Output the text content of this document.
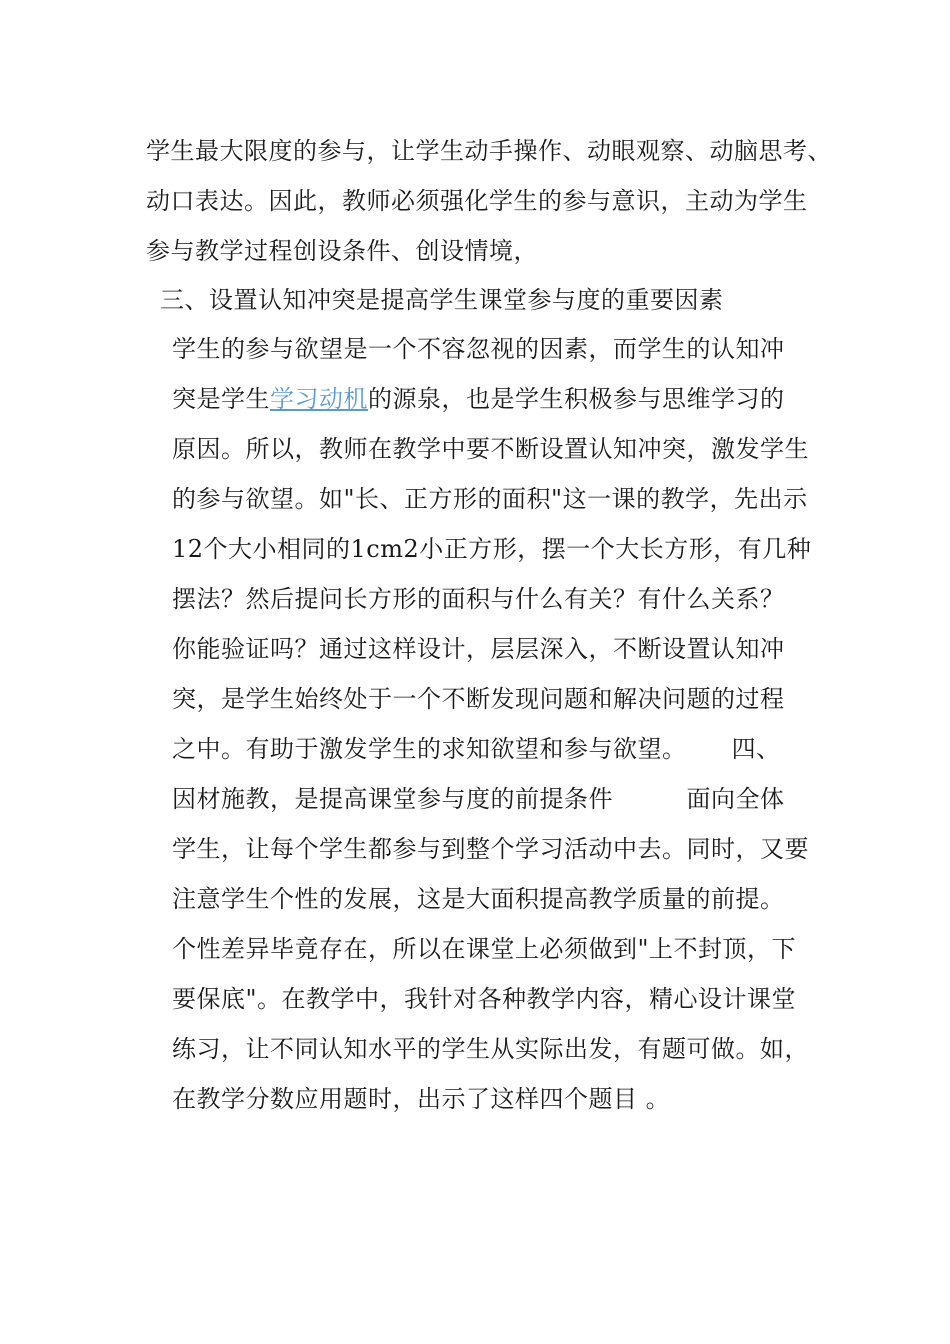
学生最大限度的参与，让学生动手操作、动眼观察、动脑思考、
动口表达。因此，教师必须强化学生的参与意识，主动为学生
参与教学过程创设条件、创设情境，
三、设置认知冲突是提高学生课堂参与度的重要因素
学生的参与欲望是一个不容忽视的因素，而学生的认知冲
突是学生学习动机的源泉，也是学生积极参与思维学习的
原因。所以，教师在教学中要不断设置认知冲突，激发学生
的参与欲望。如"长、正方形的面积"这一课的教学，先出示
12个大小相同的1cm2小正方形，摆一个大长方形，有几种
摆法？然后提问长方形的面积与什么有关？有什么关系？
你能验证吗？通过这样设计，层层深入，不断设置认知冲
突，是学生始终处于一个不断发现问题和解决问题的过程
之中。有助于激发学生的求知欲望和参与欲望。　　 四、
因材施教，是提高课堂参与度的前提条件　　　面向全体
学生，让每个学生都参与到整个学习活动中去。同时，又要
注意学生个性的发展，这是大面积提高教学质量的前提。
个性差异毕竟存在，所以在课堂上必须做到"上不封顶，下
要保底"。在教学中，我针对各种教学内容，精心设计课堂
练习，让不同认知水平的学生从实际出发，有题可做。如，
在教学分数应用题时，出示了这样四个题目 。
